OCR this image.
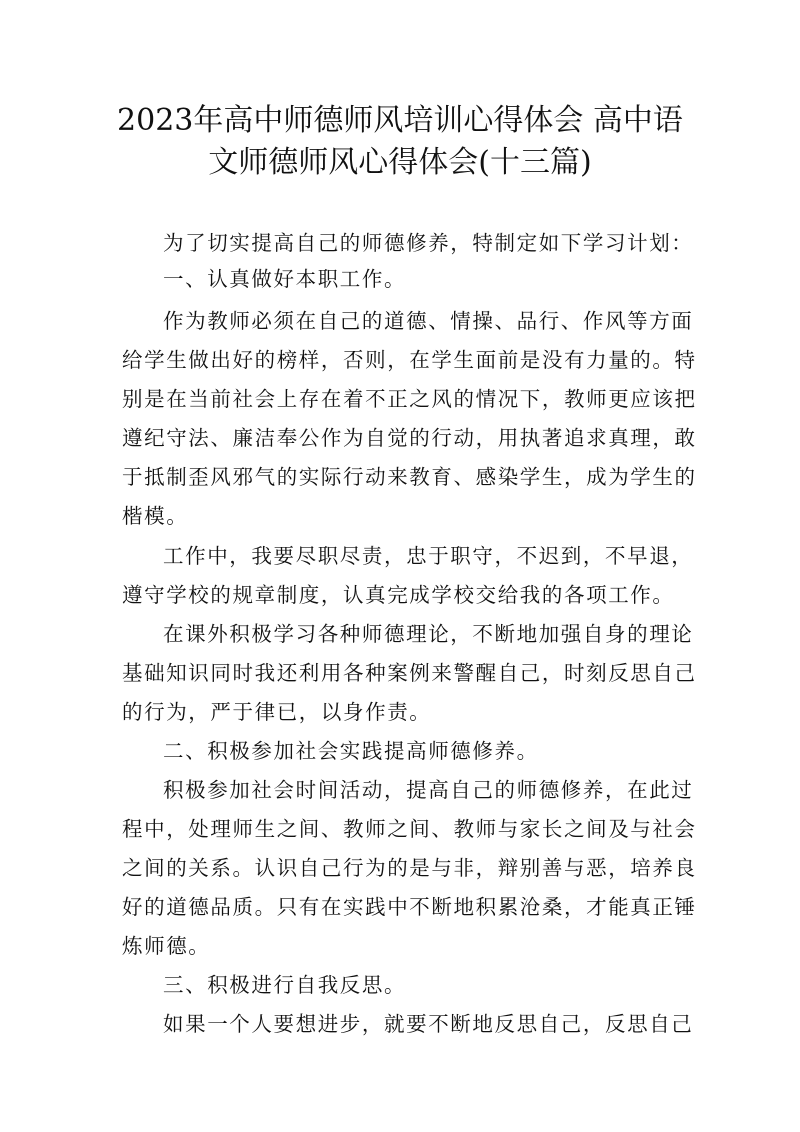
2023年高中师德师风培训心得体会 高中语
文师德师风心得体会(十三篇)
为了切实提高自己的师德修养，特制定如下学习计划：
一、认真做好本职工作。
作为教师必须在自己的道德、情操、品行、作风等方面
给学生做出好的榜样，否则，在学生面前是没有力量的。特
别是在当前社会上存在着不正之风的情况下，教师更应该把
遵纪守法、廉洁奉公作为自觉的行动，用执著追求真理，敢
于抵制歪风邪气的实际行动来教育、感染学生，成为学生的
楷模。
工作中，我要尽职尽责，忠于职守，不迟到，不早退，
遵守学校的规章制度，认真完成学校交给我的各项工作。
在课外积极学习各种师德理论，不断地加强自身的理论
基础知识同时我还利用各种案例来警醒自己，时刻反思自己
的行为，严于律已，以身作责。
二、积极参加社会实践提高师德修养。
积极参加社会时间活动，提高自己的师德修养，在此过
程中，处理师生之间、教师之间、教师与家长之间及与社会
之间的关系。认识自己行为的是与非，辩别善与恶，培养良
好的道德品质。只有在实践中不断地积累沧桑，才能真正锤
炼师德。
三、积极进行自我反思。
如果一个人要想进步，就要不断地反思自己，反思自己
